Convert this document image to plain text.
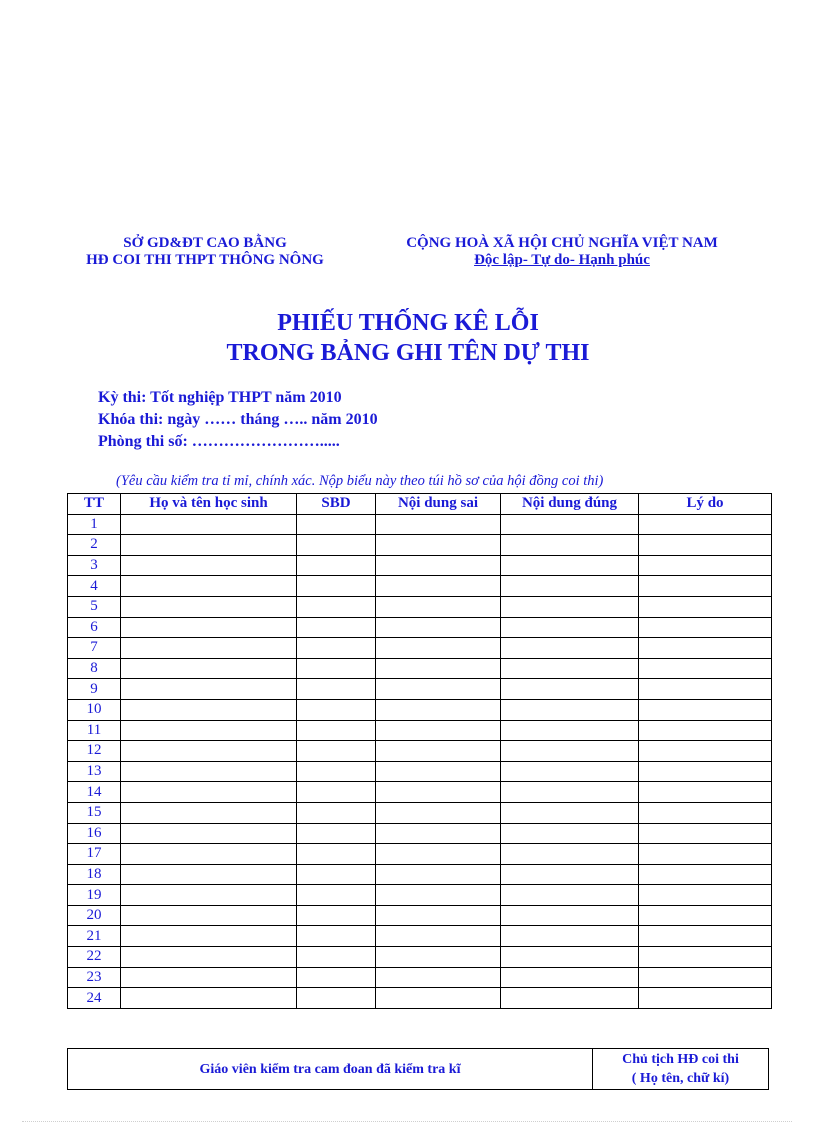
SỞ GD&ĐT CAO BẰNG
HĐ COI THI THPT THÔNG NÔNG
CỘNG HOÀ XÃ HỘI CHỦ NGHĨA VIỆT NAM
Độc lập- Tự do- Hạnh phúc
PHIẾU THỐNG KÊ LỖI
TRONG BẢNG GHI TÊN DỰ THI
Kỳ thi: Tốt nghiệp THPT năm 2010
Khóa thi: ngày …… tháng ….. năm 2010
Phòng thi số: …………………….....
(Yêu cầu kiểm tra tỉ mỉ, chính xác. Nộp biểu này theo túi hồ sơ của hội đồng coi thi)
TT	Họ và tên học sinh	SBD	Nội dung sai	Nội dung đúng	Lý do
1					
2					
3					
4					
5					
6					
7					
8					
9					
10					
11					
12					
13					
14					
15					
16					
17					
18					
19					
20					
21					
22					
23					
24					
Giáo viên kiểm tra cam đoan đã kiểm tra kĩ	
Chủ tịch HĐ coi thi
( Họ tên, chữ kí)
